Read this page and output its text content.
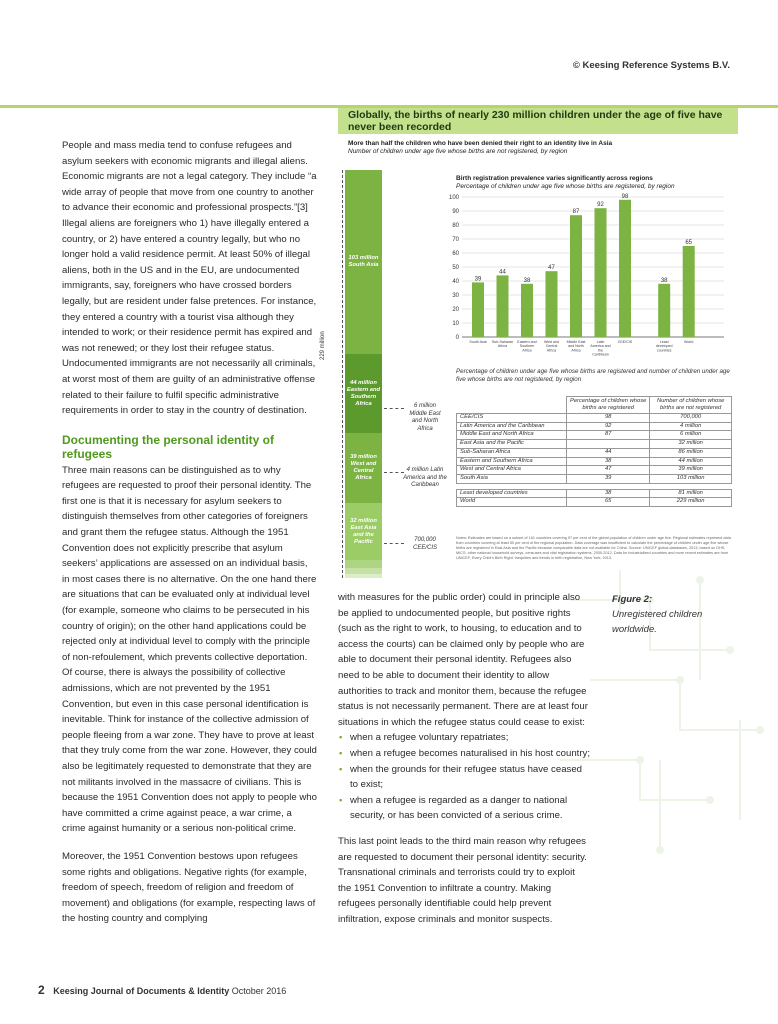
© Keesing Reference Systems B.V.

People and mass media tend to confuse refugees and asylum seekers with economic migrants and illegal aliens. Economic migrants are not a legal category. They include “a wide array of people that move from one country to another to advance their economic and professional prospects.”[3] Illegal aliens are foreigners who 1) have illegally entered a country, or 2) have entered a country legally, but who no longer hold a valid residence permit. At least 50% of illegal aliens, both in the US and in the EU, are undocumented immigrants, say, foreigners who have crossed borders legally, but are resident under false pretences. For instance, they entered a country with a tourist visa although they intended to work; or their residence permit has expired and was not renewed; or they lost their refugee status. Undocumented immigrants are not necessarily all criminals, at worst most of them are guilty of an administrative offense related to their failure to fulfil specific administrative requirements in order to stay in the country of destination.

Documenting the personal identity of refugees

Three main reasons can be distinguished as to why refugees are requested to proof their personal identity. The first one is that it is necessary for asylum seekers to distinguish themselves from other categories of foreigners and grant them the refugee status. Although the 1951 Convention does not explicitly prescribe that asylum seekers’ applications are assessed on an individual basis, in most cases there is no alternative. On the one hand there are situations that can be evaluated only at individual level (for example, someone who claims to be persecuted in his country of origin); on the other hand applications could be rejected only at individual level to comply with the principle of non-refoulement, which prevents collective deportation. Of course, there is always the possibility of collective admissions, which are not prevented by the 1951 Convention, but even in this case personal identification is inevitable. Think for instance of the collective admission of people fleeing from a war zone. They have to prove at least that they truly come from the war zone. However, they could also be legitimately requested to demonstrate that they are not militants involved in the massacre of civilians. This is because the 1951 Convention does not apply to people who have committed a crime against peace, a war crime, a crime against humanity or a serious non-political crime.

Moreover, the 1951 Convention bestows upon refugees some rights and obligations. Negative rights (for example, freedom of speech, freedom of religion and freedom of movement) and obligations (for example, respecting laws of the hosting country and complying

with measures for the public order) could in principle also be applied to undocumented people, but positive rights (such as the right to work, to housing, to education and to access the courts) can be claimed only by people who are able to document their personal identity. Refugees also need to be able to document their identity to allow authorities to track and monitor them, because the refugee status is not necessarily permanent. There are at least four situations in which the refugee status could cease to exist:

• when a refugee voluntary repatriates;
• when a refugee becomes naturalised in his host country;
• when the grounds for their refugee status have ceased to exist;
• when a refugee is regarded as a danger to national security, or has been convicted of a serious crime.

This last point leads to the third main reason why refugees are requested to document their personal identity: security. Transnational criminals and terrorists could try to exploit the 1951 Convention to infiltrate a country. Making refugees personally identifiable could help prevent infiltration, expose criminals and monitor suspects.

Figure 2:
Unregistered children worldwide.
Globally, the births of nearly 230 million children under the age of five have never been recorded
More than half the children who have been denied their right to an identity live in Asia
Number of children under age five whose births are not registered, by region
229 million
103 million South Asia
44 million Eastern and Southern Africa
39 million West and Central Africa
32 million East Asia and the Pacific
6 million Middle East and North Africa
4 million Latin America and the Caribbean
700,000 CEE/CIS
Birth registration prevalence varies significantly across regions
Percentage of children under age five whose births are registered, by region
0
10
20
30
40
50
60
70
80
90
100
39
South Asia
44
Sub-Saharan Africa
38
Eastern and Southern Africa
47
West and Central Africa
87
Middle East and North Africa
92
Latin America and the Caribbean
98
CEE/CIS
38
Least developed countries
65
World
Percentage of children under age five whose births are registered and number of children under age five whose births are not registered, by region
	Percentage of children whose births are registered	Number of children whose births are not registered
CEE/CIS	98	700,000
Latin America and the Caribbean	92	4 million
Middle East and North Africa	87	6 million
East Asia and the Pacific		32 million
Sub-Saharan Africa	44	86 million
Eastern and Southern Africa	38	44 million
West and Central Africa	47	39 million
South Asia	39	103 million

Least developed countries	38	81 million
World	65	229 million
Notes: Estimates are based on a subset of 161 countries covering 97 per cent of the global population of children under age five. Regional estimates represent data from countries covering at least 50 per cent of the regional population. Data coverage was insufficient to calculate the percentage of children under age five whose births are registered in East Asia and the Pacific because comparable data are not available for China. Source: UNICEF global databases, 2013, based on DHS, MICS, other national household surveys, censuses and vital registration systems, 2000-2012. Data for industrialized countries and more recent estimates are from UNICEF, Every Child's Birth Right: Inequities and trends in birth registration, New York, 2013.
2 Keesing Journal of Documents & Identity October 2016
